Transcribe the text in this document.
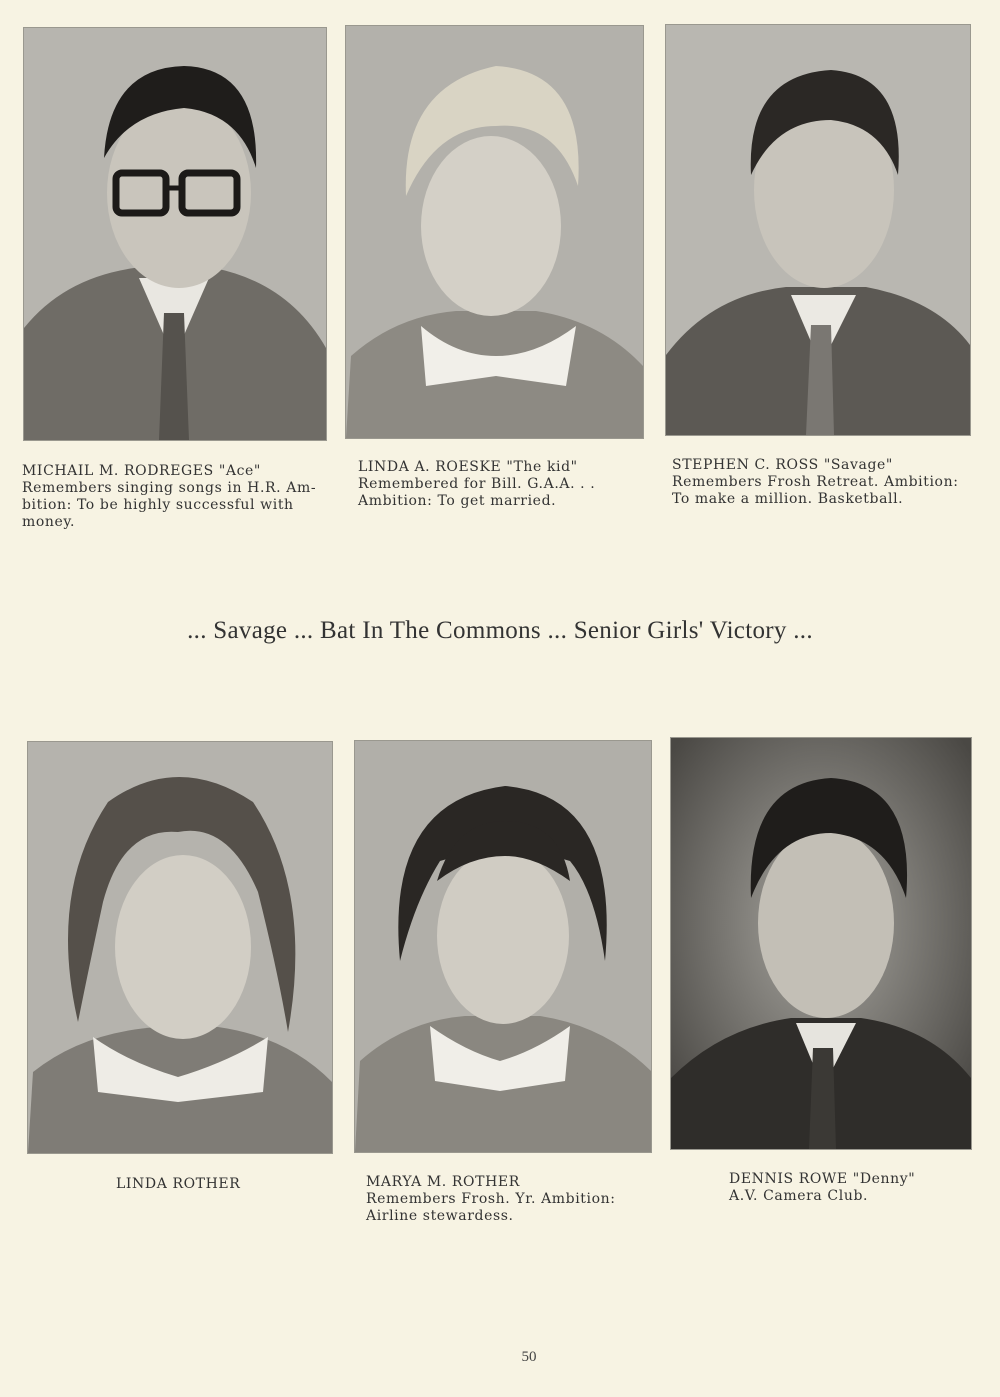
MICHAIL M. RODREGES "Ace"
Remembers singing songs in H.R. Am-
bition: To be highly successful with
money.
LINDA A. ROESKE "The kid"
Remembered for Bill. G.A.A. . .
Ambition: To get married.
STEPHEN C. ROSS "Savage"
Remembers Frosh Retreat. Ambition:
To make a million. Basketball.
... Savage ... Bat In The Commons ... Senior Girls' Victory ...
LINDA ROTHER	MARYA M. ROTHER
Remembers Frosh. Yr. Ambition:
Airline stewardess.
DENNIS ROWE "Denny"
A.V. Camera Club.
50
